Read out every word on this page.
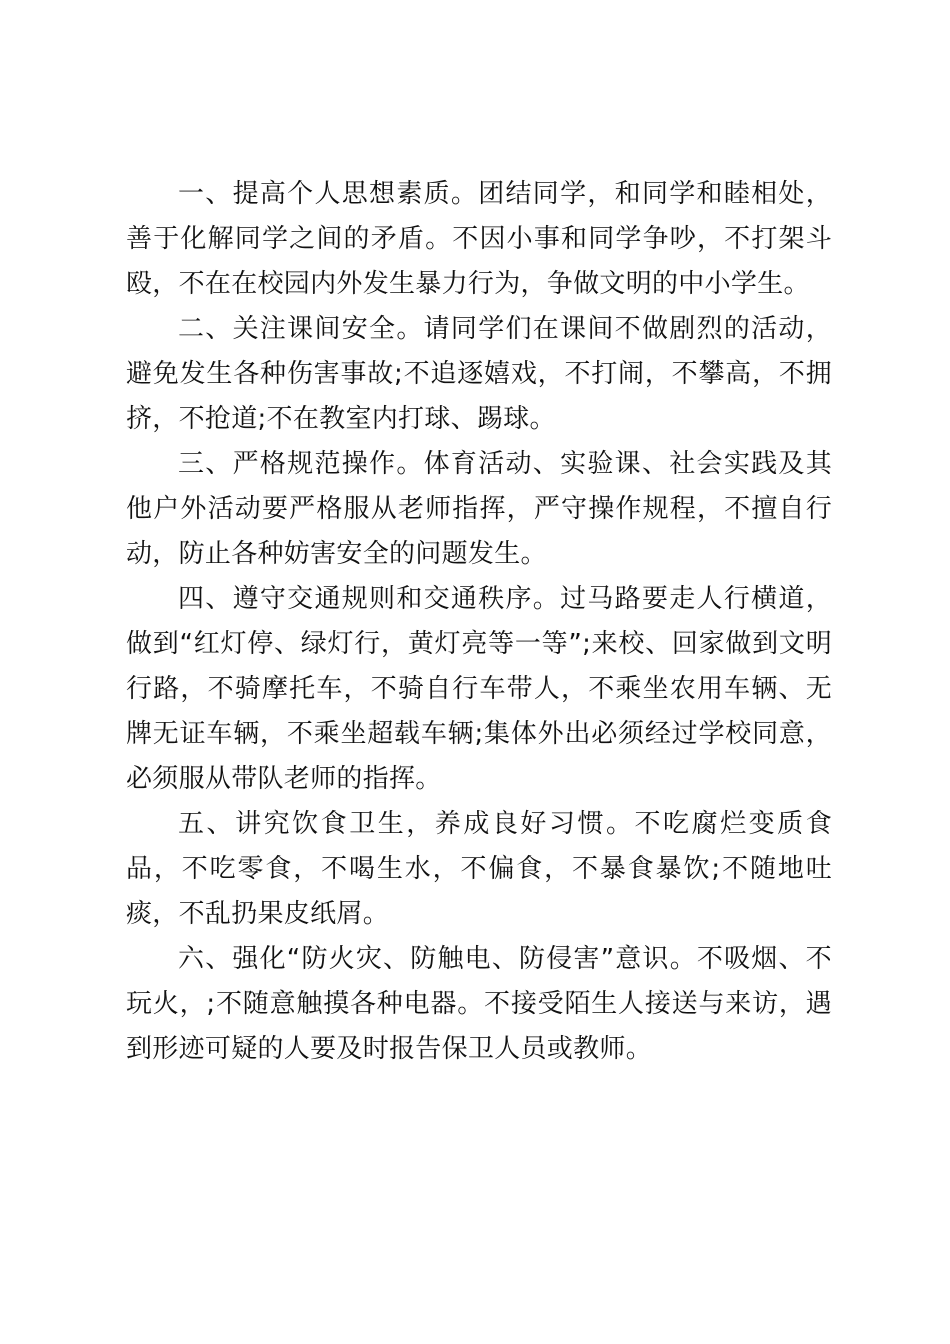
一、提高个人思想素质。团结同学，和同学和睦相处，善于化解同学之间的矛盾。不因小事和同学争吵，不打架斗殴，不在在校园内外发生暴力行为，争做文明的中小学生。

二、关注课间安全。请同学们在课间不做剧烈的活动，避免发生各种伤害事故;不追逐嬉戏，不打闹，不攀高，不拥挤，不抢道;不在教室内打球、踢球。

三、严格规范操作。体育活动、实验课、社会实践及其他户外活动要严格服从老师指挥，严守操作规程，不擅自行动，防止各种妨害安全的问题发生。

四、遵守交通规则和交通秩序。过马路要走人行横道，做到“红灯停、绿灯行，黄灯亮等一等”;来校、回家做到文明行路，不骑摩托车，不骑自行车带人，不乘坐农用车辆、无牌无证车辆，不乘坐超载车辆;集体外出必须经过学校同意，必须服从带队老师的指挥。

五、讲究饮食卫生，养成良好习惯。不吃腐烂变质食品，不吃零食，不喝生水，不偏食，不暴食暴饮;不随地吐痰，不乱扔果皮纸屑。

六、强化“防火灾、防触电、防侵害”意识。不吸烟、不玩火，;不随意触摸各种电器。不接受陌生人接送与来访，遇到形迹可疑的人要及时报告保卫人员或教师。
